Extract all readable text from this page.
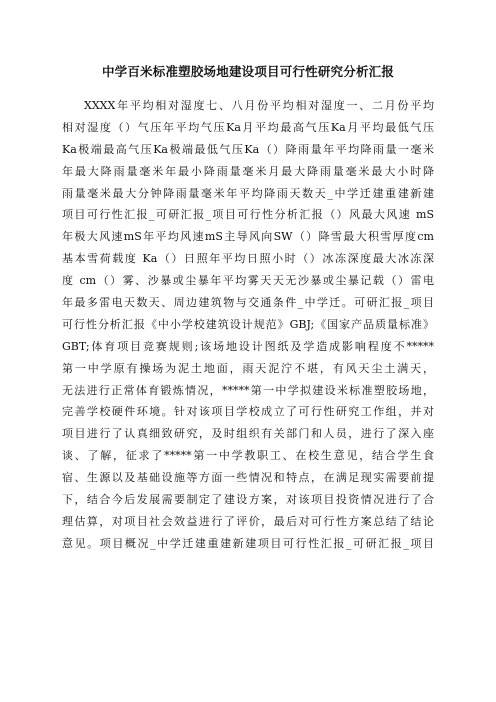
中学百米标准塑胶场地建设项目可行性研究分析汇报
XXXX年平均相对湿度七、八月份平均相对湿度一、二月份平均
相对湿度（）气压年平均气压Ka月平均最高气压Ka月平均最低气压
Ka极端最高气压Ka极端最低气压Ka（）降雨量年平均降雨量一毫米
年最大降雨量毫米年最小降雨量毫米月最大降雨量毫米最大小时降
雨量毫米最大分钟降雨量毫米年平均降雨天数天_中学迁建重建新建
项目可行性汇报_可研汇报_项目可行性分析汇报（）风最大风速 mS
年极大风速mS年平均风速mS主导风向SW（）降雪最大积雪厚度cm
基本雪荷载度 Ka（）日照年平均日照小时（）冰冻深度最大冰冻深
度 cm（）雾、沙暴或尘暴年平均雾天天无沙暴或尘暴记载（）雷电
年最多雷电天数天、周边建筑物与交通条件_中学迁。可研汇报_项目
可行性分析汇报《中小学校建筑设计规范》GBJ;《国家产品质量标准》
GBT;体育项目竞赛规则;该场地设计图纸及学造成影响程度不*****
第一中学原有操场为泥土地面，雨天泥泞不堪，有风天尘土满天，
无法进行正常体育锻炼情况，*****第一中学拟建设米标准塑胶场地，
完善学校硬件环境。针对该项目学校成立了可行性研究工作组，并对
项目进行了认真细致研究，及时组织有关部门和人员，进行了深入座
谈、了解，征求了*****第一中学教职工、在校生意见，结合学生食
宿、生源以及基础设施等方面一些情况和特点，在满足现实需要前提
下，结合今后发展需要制定了建设方案，对该项目投资情况进行了合
理估算，对项目社会效益进行了评价，最后对可行性方案总结了结论
意见。项目概况_中学迁建重建新建项目可行性汇报_可研汇报_项目
